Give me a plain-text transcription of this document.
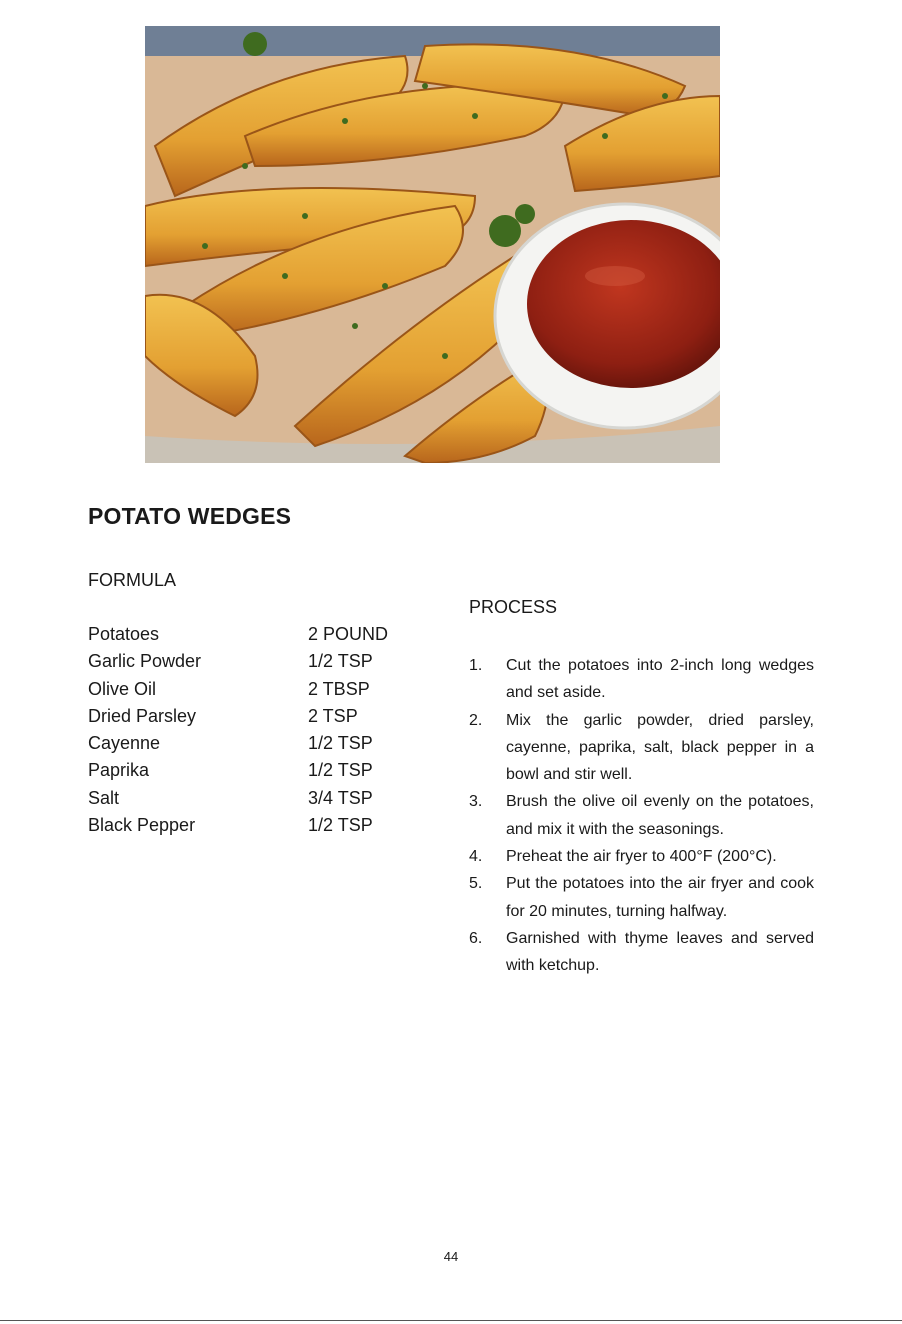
POTATO WEDGES
FORMULA
Potatoes	2 POUND
Garlic Powder	1/2 TSP
Olive Oil	2 TBSP
Dried Parsley	2 TSP
Cayenne	1/2 TSP
Paprika	1/2 TSP
Salt	3/4 TSP
Black Pepper	1/2 TSP
PROCESS
1. Cut the potatoes into 2-inch long wedges and set aside.
2. Mix the garlic powder, dried parsley, cayenne, paprika, salt, black pepper in a bowl and stir well.
3. Brush the olive oil evenly on the potatoes, and mix it with the seasonings.
4. Preheat the air fryer to 400°F (200°C).
5. Put the potatoes into the air fryer and cook for 20 minutes, turning halfway.
6. Garnished with thyme leaves and served with ketchup.
44
